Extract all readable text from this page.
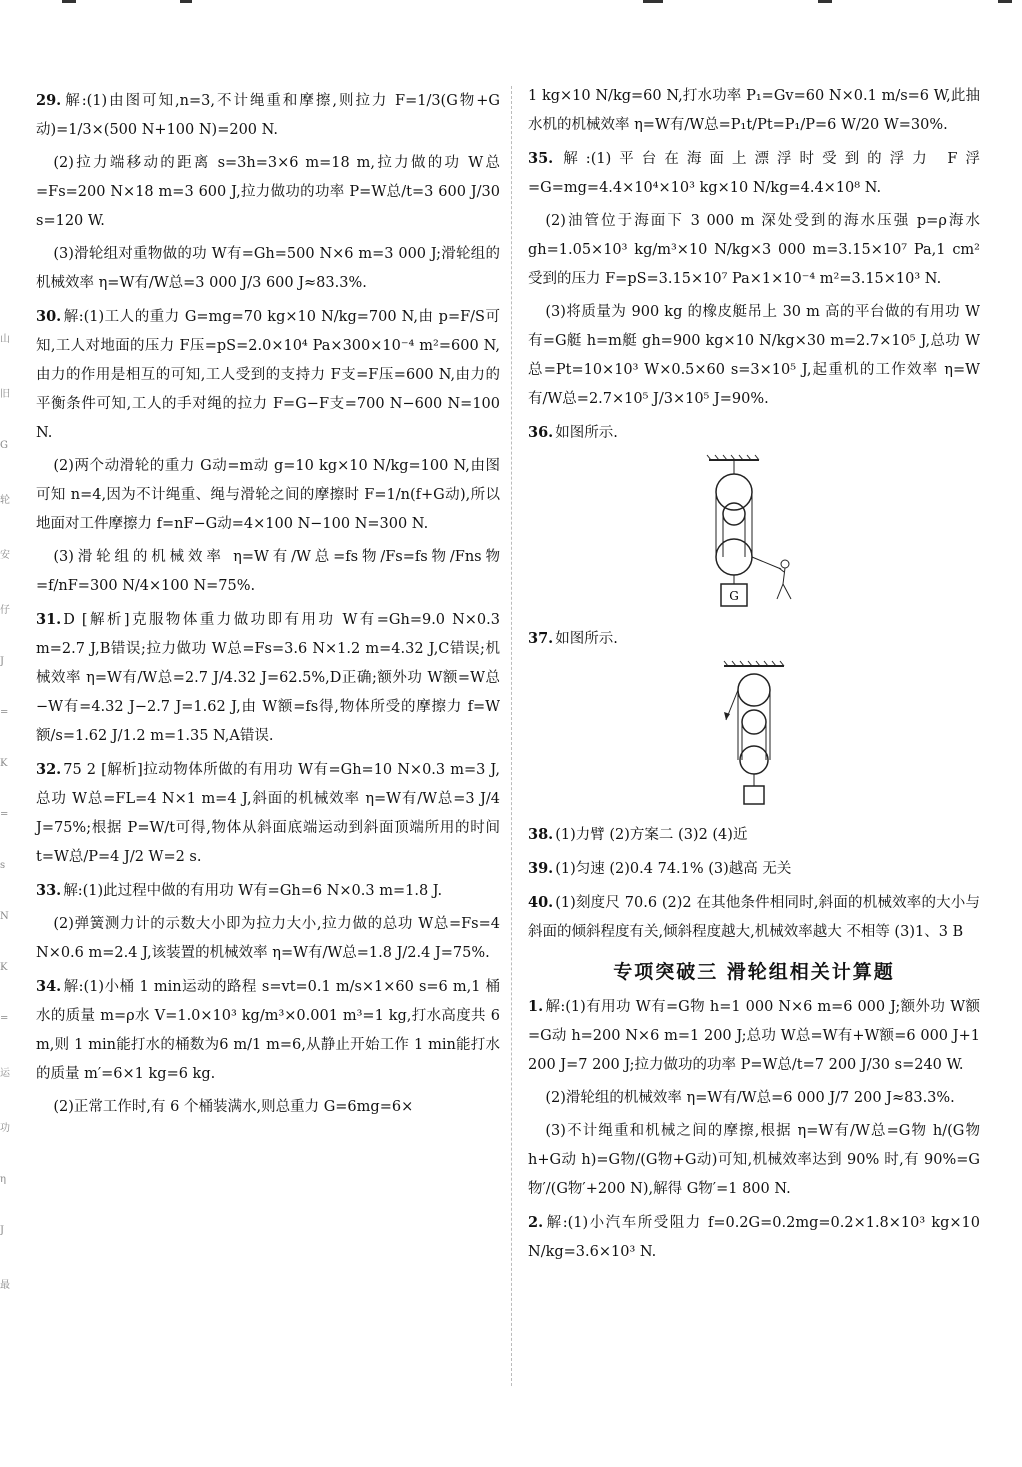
山
旧
G
轮
安
仔
J
=
K
=
s
N
K
=
运
功
η
J
最

29. 解:(1)由图可知,n=3,不计绳重和摩擦,则拉力 F=1/3(G物+G动)=1/3×(500 N+100 N)=200 N.

(2)拉力端移动的距离 s=3h=3×6 m=18 m,拉力做的功 W总=Fs=200 N×18 m=3 600 J,拉力做功的功率 P=W总/t=3 600 J/30 s=120 W.

(3)滑轮组对重物做的功 W有=Gh=500 N×6 m=3 000 J;滑轮组的机械效率 η=W有/W总=3 000 J/3 600 J≈83.3%.

30. 解:(1)工人的重力 G=mg=70 kg×10 N/kg=700 N,由 p=F/S可知,工人对地面的压力 F压=pS=2.0×10⁴ Pa×300×10⁻⁴ m²=600 N,由力的作用是相互的可知,工人受到的支持力 F支=F压=600 N,由力的平衡条件可知,工人的手对绳的拉力 F=G−F支=700 N−600 N=100 N.

(2)两个动滑轮的重力 G动=m动 g=10 kg×10 N/kg=100 N,由图可知 n=4,因为不计绳重、绳与滑轮之间的摩擦时 F=1/n(f+G动),所以地面对工件摩擦力 f=nF−G动=4×100 N−100 N=300 N.

(3)滑轮组的机械效率 η=W有/W总=fs物/Fs=fs物/Fns物=f/nF=300 N/4×100 N=75%.

31. D [解析]克服物体重力做功即有用功 W有=Gh=9.0 N×0.3 m=2.7 J,B错误;拉力做功 W总=Fs=3.6 N×1.2 m=4.32 J,C错误;机械效率 η=W有/W总=2.7 J/4.32 J=62.5%,D正确;额外功 W额=W总−W有=4.32 J−2.7 J=1.62 J,由 W额=fs得,物体所受的摩擦力 f=W额/s=1.62 J/1.2 m=1.35 N,A错误.

32. 75 2 [解析]拉动物体所做的有用功 W有=Gh=10 N×0.3 m=3 J,总功 W总=FL=4 N×1 m=4 J,斜面的机械效率 η=W有/W总=3 J/4 J=75%;根据 P=W/t可得,物体从斜面底端运动到斜面顶端所用的时间 t=W总/P=4 J/2 W=2 s.

33. 解:(1)此过程中做的有用功 W有=Gh=6 N×0.3 m=1.8 J.

(2)弹簧测力计的示数大小即为拉力大小,拉力做的总功 W总=Fs=4 N×0.6 m=2.4 J,该装置的机械效率 η=W有/W总=1.8 J/2.4 J=75%.

34. 解:(1)小桶 1 min运动的路程 s=vt=0.1 m/s×1×60 s=6 m,1 桶水的质量 m=ρ水 V=1.0×10³ kg/m³×0.001 m³=1 kg,打水高度共 6 m,则 1 min能打水的桶数为6 m/1 m=6,从静止开始工作 1 min能打水的质量 m′=6×1 kg=6 kg.

(2)正常工作时,有 6 个桶装满水,则总重力 G=6mg=6×

1 kg×10 N/kg=60 N,打水功率 P₁=Gv=60 N×0.1 m/s=6 W,此抽水机的机械效率 η=W有/W总=P₁t/Pt=P₁/P=6 W/20 W=30%.

35. 解:(1)平台在海面上漂浮时受到的浮力 F浮=G=mg=4.4×10⁴×10³ kg×10 N/kg=4.4×10⁸ N.

(2)油管位于海面下 3 000 m 深处受到的海水压强 p=ρ海水 gh=1.05×10³ kg/m³×10 N/kg×3 000 m=3.15×10⁷ Pa,1 cm² 受到的压力 F=pS=3.15×10⁷ Pa×1×10⁻⁴ m²=3.15×10³ N.

(3)将质量为 900 kg 的橡皮艇吊上 30 m 高的平台做的有用功 W有=G艇 h=m艇 gh=900 kg×10 N/kg×30 m=2.7×10⁵ J,总功 W总=Pt=10×10³ W×0.5×60 s=3×10⁵ J,起重机的工作效率 η=W有/W总=2.7×10⁵ J/3×10⁵ J=90%.

36. 如图所示.

G

37. 如图所示.

38. (1)力臂 (2)方案二 (3)2 (4)近

39. (1)匀速 (2)0.4 74.1% (3)越高 无关

40. (1)刻度尺 70.6 (2)2 在其他条件相同时,斜面的机械效率的大小与斜面的倾斜程度有关,倾斜程度越大,机械效率越大 不相等 (3)1、3 B

专项突破三 滑轮组相关计算题

1. 解:(1)有用功 W有=G物 h=1 000 N×6 m=6 000 J;额外功 W额=G动 h=200 N×6 m=1 200 J;总功 W总=W有+W额=6 000 J+1 200 J=7 200 J;拉力做功的功率 P=W总/t=7 200 J/30 s=240 W.

(2)滑轮组的机械效率 η=W有/W总=6 000 J/7 200 J≈83.3%.

(3)不计绳重和机械之间的摩擦,根据 η=W有/W总=G物 h/(G物 h+G动 h)=G物/(G物+G动)可知,机械效率达到 90% 时,有 90%=G物′/(G物′+200 N),解得 G物′=1 800 N.

2. 解:(1)小汽车所受阻力 f=0.2G=0.2mg=0.2×1.8×10³ kg×10 N/kg=3.6×10³ N.
